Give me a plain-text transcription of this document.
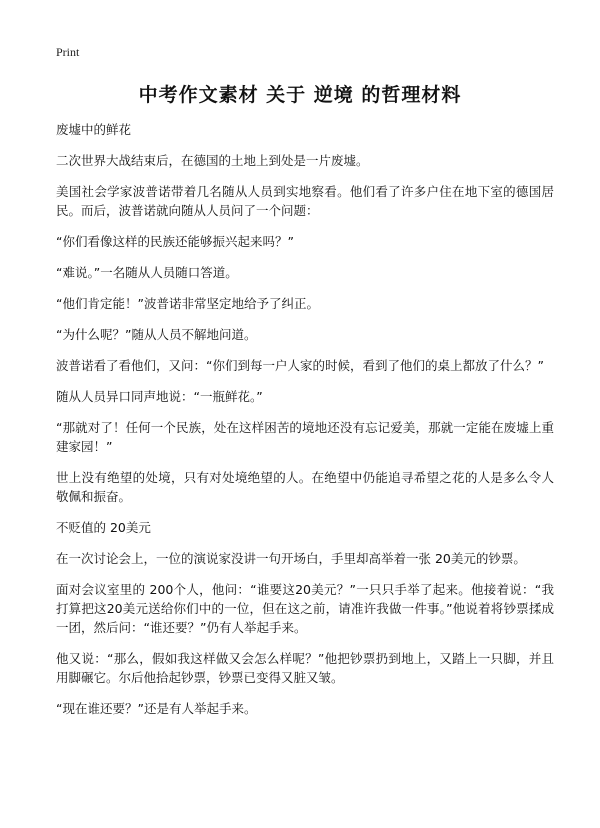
Print
中考作文素材 关于 逆境 的哲理材料

废墟中的鲜花

二次世界大战结束后，在德国的土地上到处是一片废墟。

美国社会学家波普诺带着几名随从人员到实地察看。他们看了许多户住在地下室的德国居民。而后，波普诺就向随从人员问了一个问题：

“你们看像这样的民族还能够振兴起来吗？”

“难说。”一名随从人员随口答道。

“他们肯定能！”波普诺非常坚定地给予了纠正。

“为什么呢？”随从人员不解地问道。

波普诺看了看他们，又问：“你们到每一户人家的时候，看到了他们的桌上都放了什么？”

随从人员异口同声地说：“一瓶鲜花。”

“那就对了！任何一个民族，处在这样困苦的境地还没有忘记爱美，那就一定能在废墟上重建家园！”

世上没有绝望的处境，只有对处境绝望的人。在绝望中仍能追寻希望之花的人是多么令人敬佩和振奋。

不贬值的 20美元

在一次讨论会上，一位的演说家没讲一句开场白，手里却高举着一张 20美元的钞票。

面对会议室里的 200个人，他问：“谁要这20美元？”一只只手举了起来。他接着说：“我打算把这20美元送给你们中的一位，但在这之前，请准许我做一件事。”他说着将钞票揉成一团，然后问：“谁还要？”仍有人举起手来。

他又说：“那么，假如我这样做又会怎么样呢？”他把钞票扔到地上，又踏上一只脚，并且用脚碾它。尔后他拾起钞票，钞票已变得又脏又皱。

“现在谁还要？”还是有人举起手来。
